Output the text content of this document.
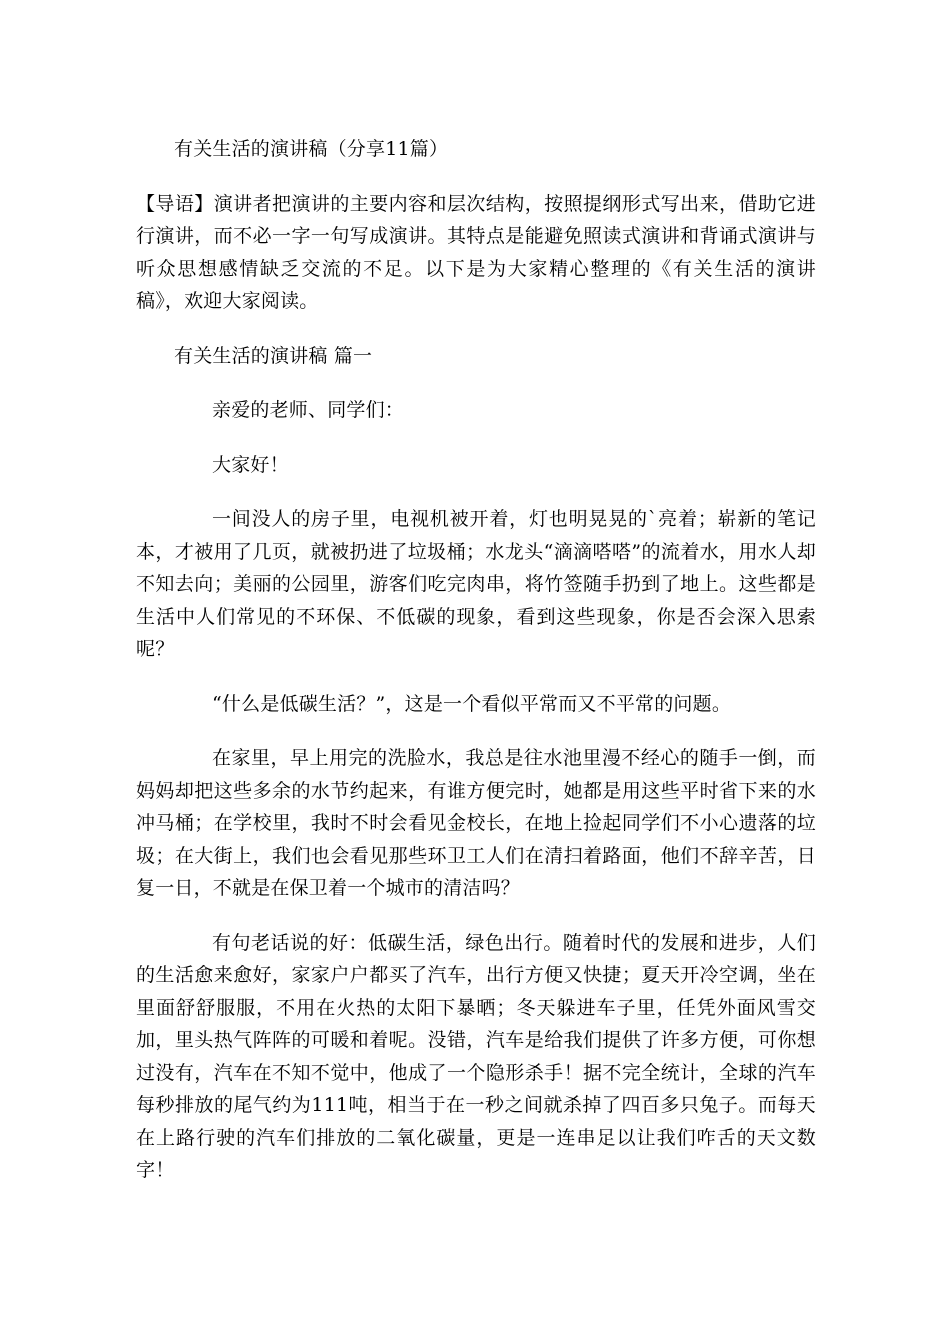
有关生活的演讲稿（分享11篇）

【导语】演讲者把演讲的主要内容和层次结构，按照提纲形式写出来，借助它进行演讲，而不必一字一句写成演讲。其特点是能避免照读式演讲和背诵式演讲与听众思想感情缺乏交流的不足。以下是为大家精心整理的《有关生活的演讲稿》，欢迎大家阅读。

有关生活的演讲稿 篇一

亲爱的老师、同学们：

大家好！

一间没人的房子里，电视机被开着，灯也明晃晃的`亮着；崭新的笔记本，才被用了几页，就被扔进了垃圾桶；水龙头“滴滴嗒嗒”的流着水，用水人却不知去向；美丽的公园里，游客们吃完肉串，将竹签随手扔到了地上。这些都是生活中人们常见的不环保、不低碳的现象，看到这些现象，你是否会深入思索呢？

“什么是低碳生活？”，这是一个看似平常而又不平常的问题。

在家里，早上用完的洗脸水，我总是往水池里漫不经心的随手一倒，而妈妈却把这些多余的水节约起来，有谁方便完时，她都是用这些平时省下来的水冲马桶；在学校里，我时不时会看见金校长，在地上捡起同学们不小心遗落的垃圾；在大街上，我们也会看见那些环卫工人们在清扫着路面，他们不辞辛苦，日复一日，不就是在保卫着一个城市的清洁吗？

有句老话说的好：低碳生活，绿色出行。随着时代的发展和进步，人们的生活愈来愈好，家家户户都买了汽车，出行方便又快捷；夏天开冷空调，坐在里面舒舒服服，不用在火热的太阳下暴晒；冬天躲进车子里，任凭外面风雪交加，里头热气阵阵的可暖和着呢。没错，汽车是给我们提供了许多方便，可你想过没有，汽车在不知不觉中，他成了一个隐形杀手！据不完全统计，全球的汽车每秒排放的尾气约为111吨，相当于在一秒之间就杀掉了四百多只兔子。而每天在上路行驶的汽车们排放的二氧化碳量，更是一连串足以让我们咋舌的天文数字！
